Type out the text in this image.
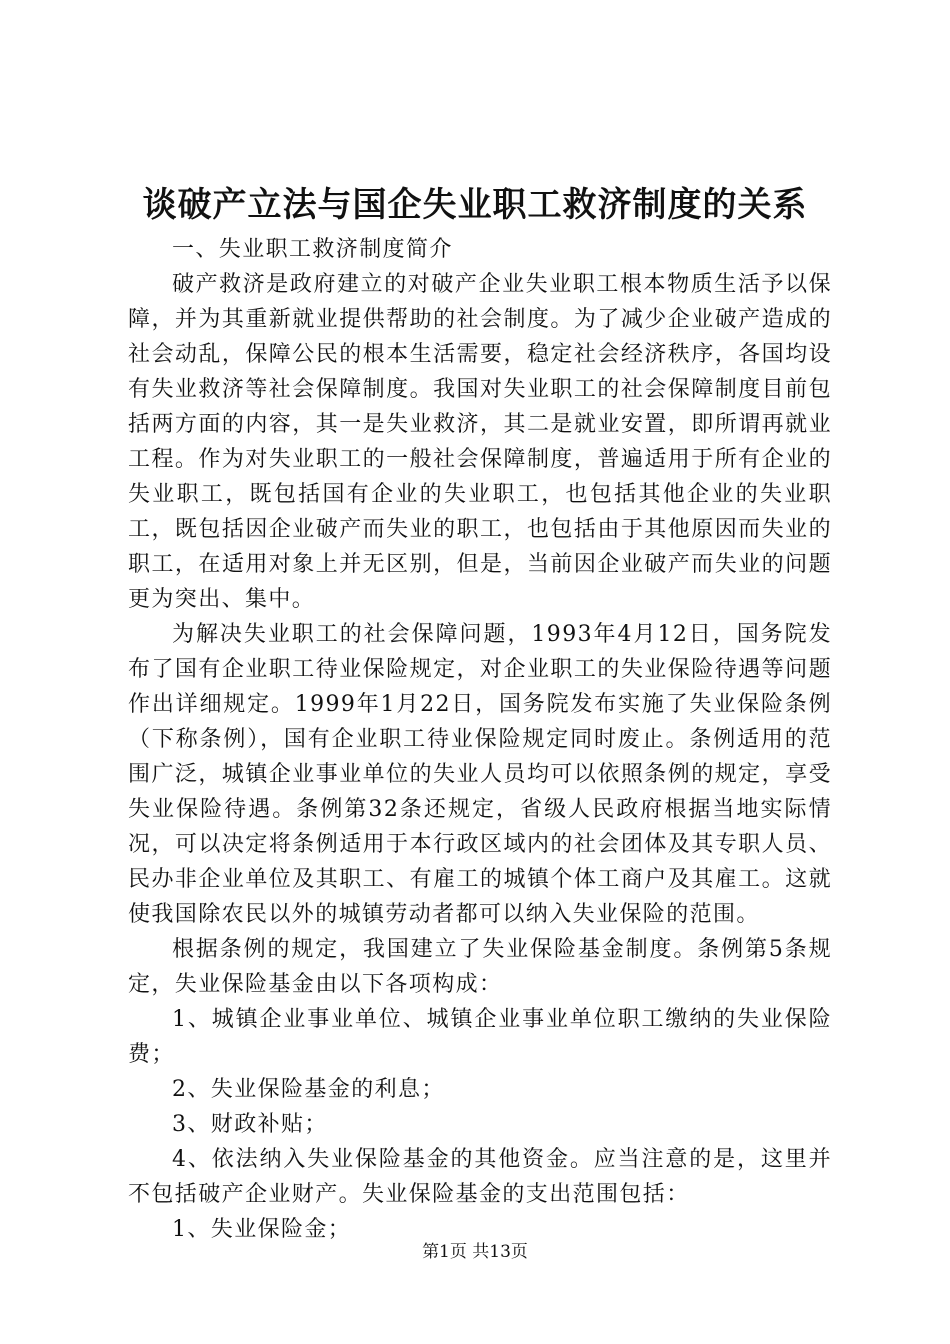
谈破产立法与国企失业职工救济制度的关系

一、失业职工救济制度简介

破产救济是政府建立的对破产企业失业职工根本物质生活予以保障，并为其重新就业提供帮助的社会制度。为了减少企业破产造成的社会动乱，保障公民的根本生活需要，稳定社会经济秩序，各国均设有失业救济等社会保障制度。我国对失业职工的社会保障制度目前包括两方面的内容，其一是失业救济，其二是就业安置，即所谓再就业工程。作为对失业职工的一般社会保障制度，普遍适用于所有企业的失业职工，既包括国有企业的失业职工，也包括其他企业的失业职工，既包括因企业破产而失业的职工，也包括由于其他原因而失业的职工，在适用对象上并无区别，但是，当前因企业破产而失业的问题更为突出、集中。

为解决失业职工的社会保障问题，1993年4月12日，国务院发布了国有企业职工待业保险规定，对企业职工的失业保险待遇等问题作出详细规定。1999年1月22日，国务院发布实施了失业保险条例（下称条例），国有企业职工待业保险规定同时废止。条例适用的范围广泛，城镇企业事业单位的失业人员均可以依照条例的规定，享受失业保险待遇。条例第32条还规定，省级人民政府根据当地实际情况，可以决定将条例适用于本行政区域内的社会团体及其专职人员、民办非企业单位及其职工、有雇工的城镇个体工商户及其雇工。这就使我国除农民以外的城镇劳动者都可以纳入失业保险的范围。

根据条例的规定，我国建立了失业保险基金制度。条例第5条规定，失业保险基金由以下各项构成：

1、城镇企业事业单位、城镇企业事业单位职工缴纳的失业保险费；

2、失业保险基金的利息；

3、财政补贴；

4、依法纳入失业保险基金的其他资金。应当注意的是，这里并不包括破产企业财产。失业保险基金的支出范围包括：

1、失业保险金；

第1页 共13页
